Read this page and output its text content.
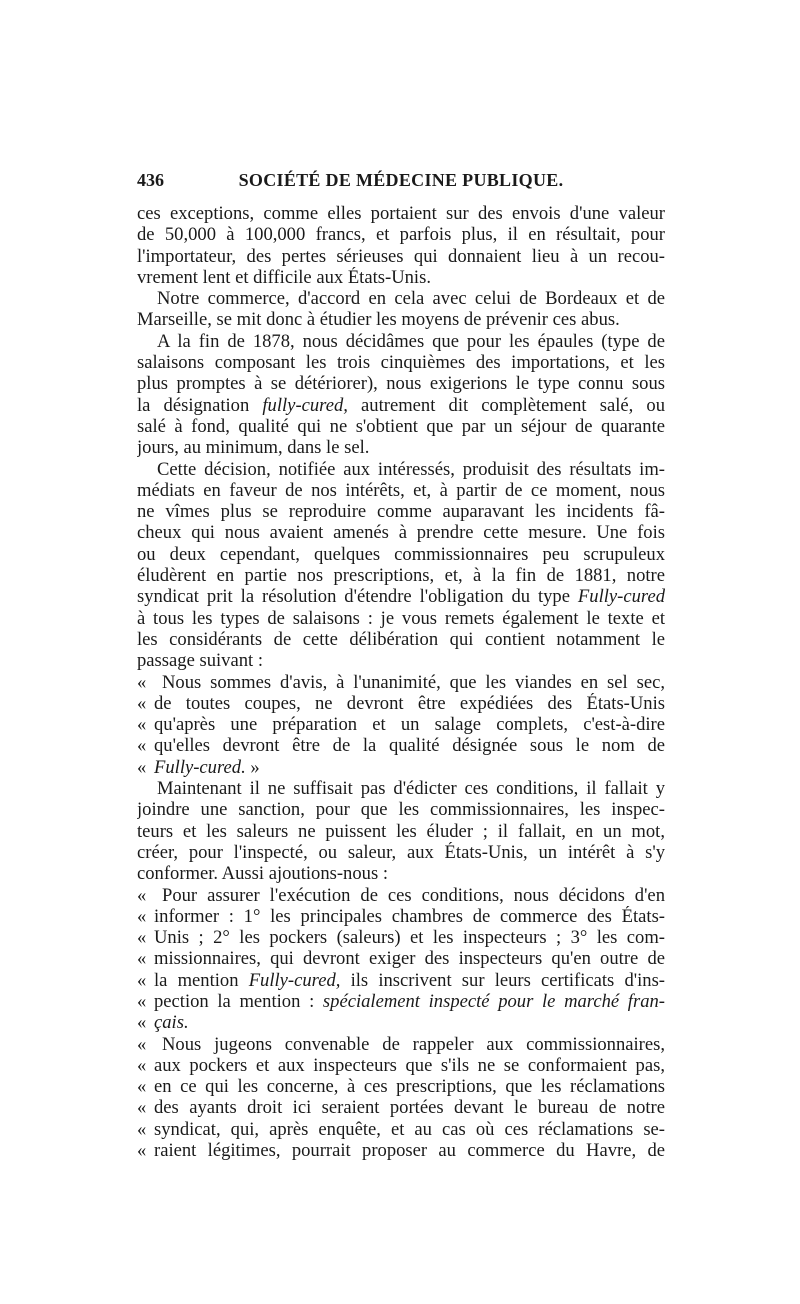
436	SOCIÉTÉ DE MÉDECINE PUBLIQUE.
ces exceptions, comme elles portaient sur des envois d'une valeur
de 50,000 à 100,000 francs, et parfois plus, il en résultait, pour
l'importateur, des pertes sérieuses qui donnaient lieu à un recou-
vrement lent et difficile aux États-Unis.
Notre commerce, d'accord en cela avec celui de Bordeaux et de
Marseille, se mit donc à étudier les moyens de prévenir ces abus.
A la fin de 1878, nous décidâmes que pour les épaules (type de
salaisons composant les trois cinquièmes des importations, et les
plus promptes à se détériorer), nous exigerions le type connu sous
la désignation fully-cured, autrement dit complètement salé, ou
salé à fond, qualité qui ne s'obtient que par un séjour de quarante
jours, au minimum, dans le sel.
Cette décision, notifiée aux intéressés, produisit des résultats im-
médiats en faveur de nos intérêts, et, à partir de ce moment, nous
ne vîmes plus se reproduire comme auparavant les incidents fâ-
cheux qui nous avaient amenés à prendre cette mesure. Une fois
ou deux cependant, quelques commissionnaires peu scrupuleux
éludèrent en partie nos prescriptions, et, à la fin de 1881, notre
syndicat prit la résolution d'étendre l'obligation du type Fully-cured
à tous les types de salaisons : je vous remets également le texte et
les considérants de cette délibération qui contient notamment le
passage suivant :
« Nous sommes d'avis, à l'unanimité, que les viandes en sel sec,
« de toutes coupes, ne devront être expédiées des États-Unis
« qu'après une préparation et un salage complets, c'est-à-dire
« qu'elles devront être de la qualité désignée sous le nom de
« Fully-cured. »
Maintenant il ne suffisait pas d'édicter ces conditions, il fallait y
joindre une sanction, pour que les commissionnaires, les inspec-
teurs et les saleurs ne puissent les éluder ; il fallait, en un mot,
créer, pour l'inspecté, ou saleur, aux États-Unis, un intérêt à s'y
conformer. Aussi ajoutions-nous :
« Pour assurer l'exécution de ces conditions, nous décidons d'en
« informer : 1° les principales chambres de commerce des États-
« Unis ; 2° les pockers (saleurs) et les inspecteurs ; 3° les com-
« missionnaires, qui devront exiger des inspecteurs qu'en outre de
« la mention Fully-cured, ils inscrivent sur leurs certificats d'ins-
« pection la mention : spécialement inspecté pour le marché fran-
« çais.
« Nous jugeons convenable de rappeler aux commissionnaires,
« aux pockers et aux inspecteurs que s'ils ne se conformaient pas,
« en ce qui les concerne, à ces prescriptions, que les réclamations
« des ayants droit ici seraient portées devant le bureau de notre
« syndicat, qui, après enquête, et au cas où ces réclamations se-
« raient légitimes, pourrait proposer au commerce du Havre, de
